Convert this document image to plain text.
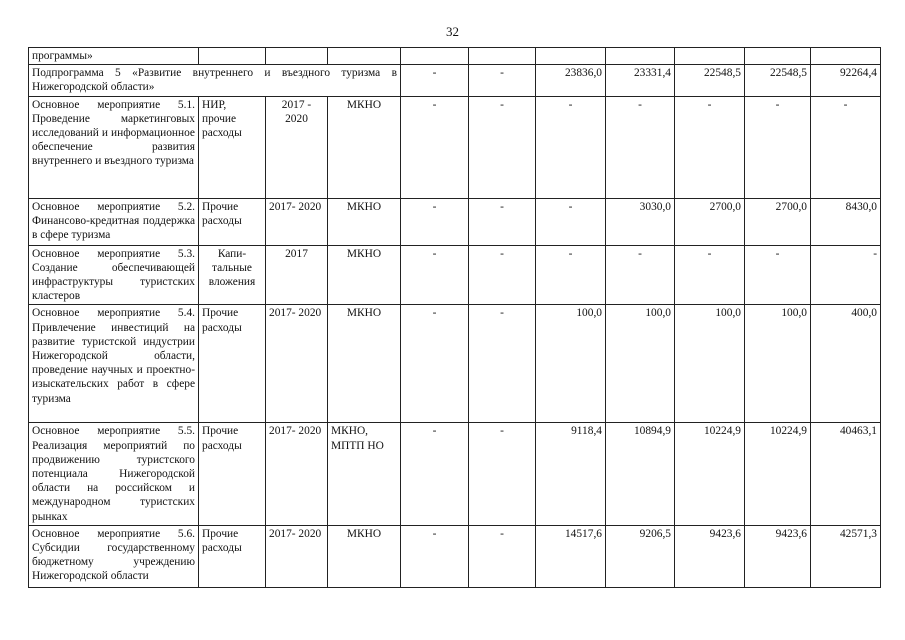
32
программы»										
Подпрограмма 5 «Развитие внутреннего и въездного туризма в Нижегородской области»				-	-	23836,0	23331,4	22548,5	22548,5	92264,4
Основное мероприятие 5.1. Проведение маркетинговых исследований и информационное обеспечение развития внутреннего и въездного туризма	НИР, прочие расходы	2017 - 2020	МКНО	-	-	-	-	-	-	-
Основное мероприятие 5.2. Финансово-кредитная поддержка в сфере туризма	Прочие расходы	2017- 2020	МКНО	-	-	-	3030,0	2700,0	2700,0	8430,0
Основное мероприятие 5.3. Создание обеспечивающей инфраструктуры туристских кластеров	Капи- тальные вложения	2017	МКНО	-	-	-	-	-	-	-
Основное мероприятие 5.4. Привлечение инвестиций на развитие туристской индустрии Нижегородской области, проведение научных и проектно-изыскательских работ в сфере туризма	Прочие расходы	2017- 2020	МКНО	-	-	100,0	100,0	100,0	100,0	400,0
Основное мероприятие 5.5. Реализация мероприятий по продвижению туристского потенциала Нижегородской области на российском и международном туристских рынках	Прочие расходы	2017- 2020	МКНО, МПТП НО	-	-	9118,4	10894,9	10224,9	10224,9	40463,1
Основное мероприятие 5.6. Субсидии государственному бюджетному учреждению Нижегородской области	Прочие расходы	2017- 2020	МКНО	-	-	14517,6	9206,5	9423,6	9423,6	42571,3
